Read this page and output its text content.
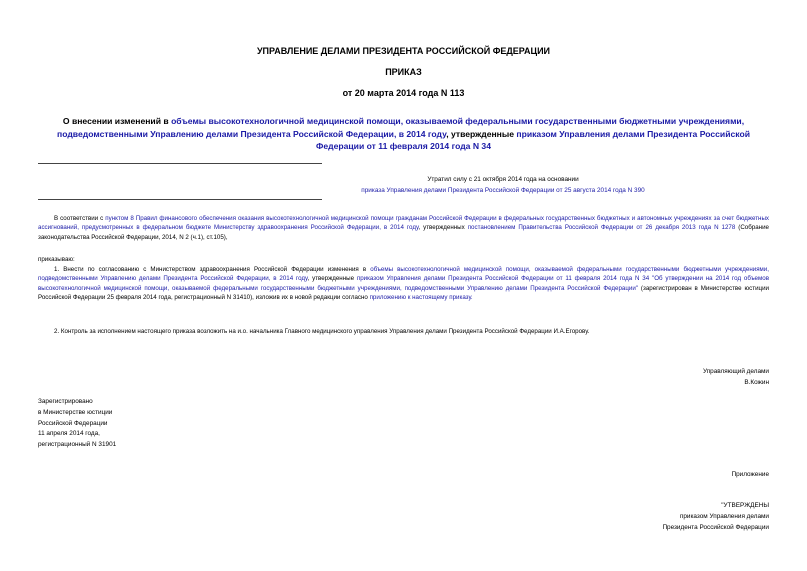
УПРАВЛЕНИЕ ДЕЛАМИ ПРЕЗИДЕНТА РОССИЙСКОЙ ФЕДЕРАЦИИ
ПРИКАЗ
от 20 марта 2014 года N 113
О внесении изменений в объемы высокотехнологичной медицинской помощи, оказываемой федеральными государственными бюджетными учреждениями, подведомственными Управлению делами Президента Российской Федерации, в 2014 году, утвержденные приказом Управления делами Президента Российской Федерации от 11 февраля 2014 года N 34
Утратил силу с 21 октября 2014 года на основании
приказа Управления делами Президента Российской Федерации от 25 августа 2014 года N 390
В соответствии с пунктом 8 Правил финансового обеспечения оказания высокотехнологичной медицинской помощи гражданам Российской Федерации в федеральных государственных бюджетных и автономных учреждениях за счет бюджетных ассигнований, предусмотренных в федеральном бюджете Министерству здравоохранения Российской Федерации, в 2014 году, утвержденных постановлением Правительства Российской Федерации от 26 декабря 2013 года N 1278 (Собрание законодательства Российской Федерации, 2014, N 2 (ч.1), ст.105),
приказываю:
1. Внести по согласованию с Министерством здравоохранения Российской Федерации изменения в объемы высокотехнологичной медицинской помощи, оказываемой федеральными государственными бюджетными учреждениями, подведомственными Управлению делами Президента Российской Федерации, в 2014 году, утвержденные приказом Управления делами Президента Российской Федерации от 11 февраля 2014 года N 34 "Об утверждении на 2014 год объемов высокотехнологичной медицинской помощи, оказываемой федеральными государственными бюджетными учреждениями, подведомственными Управлению делами Президента Российской Федерации" (зарегистрирован в Министерстве юстиции Российской Федерации 25 февраля 2014 года, регистрационный N 31410), изложив их в новой редакции согласно приложению к настоящему приказу.
2. Контроль за исполнением настоящего приказа возложить на и.о. начальника Главного медицинского управления Управления делами Президента Российской Федерации И.А.Егорову.
Управляющий делами
В.Кожин
Зарегистрировано
в Министерстве юстиции
Российской Федерации
11 апреля 2014 года,
регистрационный N 31901
Приложение
"УТВЕРЖДЕНЫ
приказом Управления делами
Президента Российской Федерации
